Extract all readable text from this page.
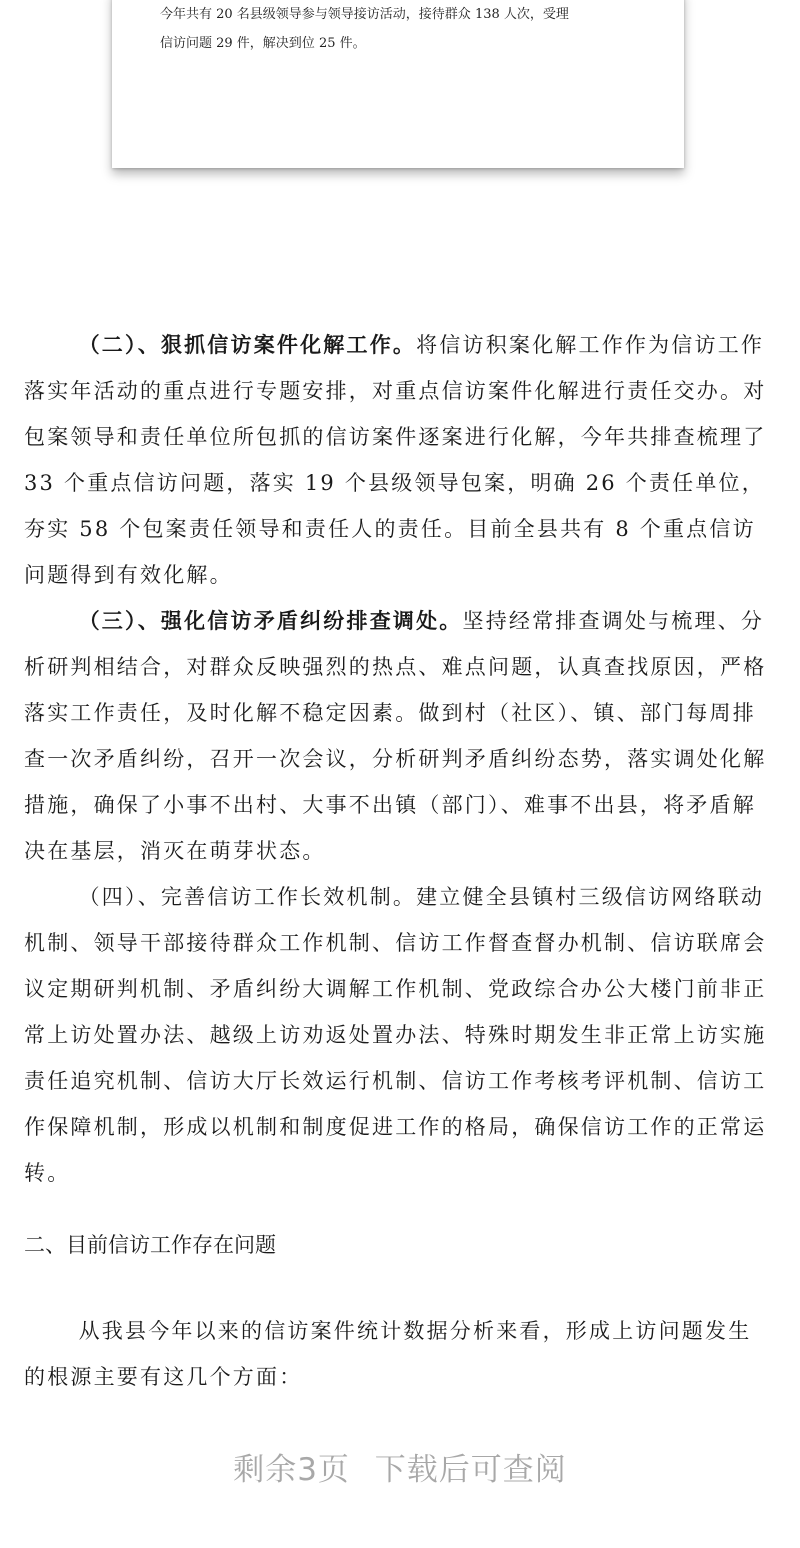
今年共有 20 名县级领导参与领导接访活动，接待群众 138 人次，受理
信访问题 29 件，解决到位 25 件。

（二）、狠抓信访案件化解工作。将信访积案化解工作作为信访工作落实年活动的重点进行专题安排，对重点信访案件化解进行责任交办。对包案领导和责任单位所包抓的信访案件逐案进行化解，今年共排查梳理了 33 个重点信访问题，落实 19 个县级领导包案，明确 26 个责任单位，夯实 58 个包案责任领导和责任人的责任。目前全县共有 8 个重点信访问题得到有效化解。

（三）、强化信访矛盾纠纷排查调处。坚持经常排查调处与梳理、分析研判相结合，对群众反映强烈的热点、难点问题，认真查找原因，严格落实工作责任，及时化解不稳定因素。做到村（社区）、镇、部门每周排查一次矛盾纠纷，召开一次会议，分析研判矛盾纠纷态势，落实调处化解措施，确保了小事不出村、大事不出镇（部门）、难事不出县，将矛盾解决在基层，消灭在萌芽状态。

（四）、完善信访工作长效机制。建立健全县镇村三级信访网络联动机制、领导干部接待群众工作机制、信访工作督查督办机制、信访联席会议定期研判机制、矛盾纠纷大调解工作机制、党政综合办公大楼门前非正常上访处置办法、越级上访劝返处置办法、特殊时期发生非正常上访实施责任追究机制、信访大厅长效运行机制、信访工作考核考评机制、信访工作保障机制，形成以机制和制度促进工作的格局，确保信访工作的正常运转。

二、目前信访工作存在问题

从我县今年以来的信访案件统计数据分析来看，形成上访问题发生的根源主要有这几个方面：

剩余3页 下载后可查阅
